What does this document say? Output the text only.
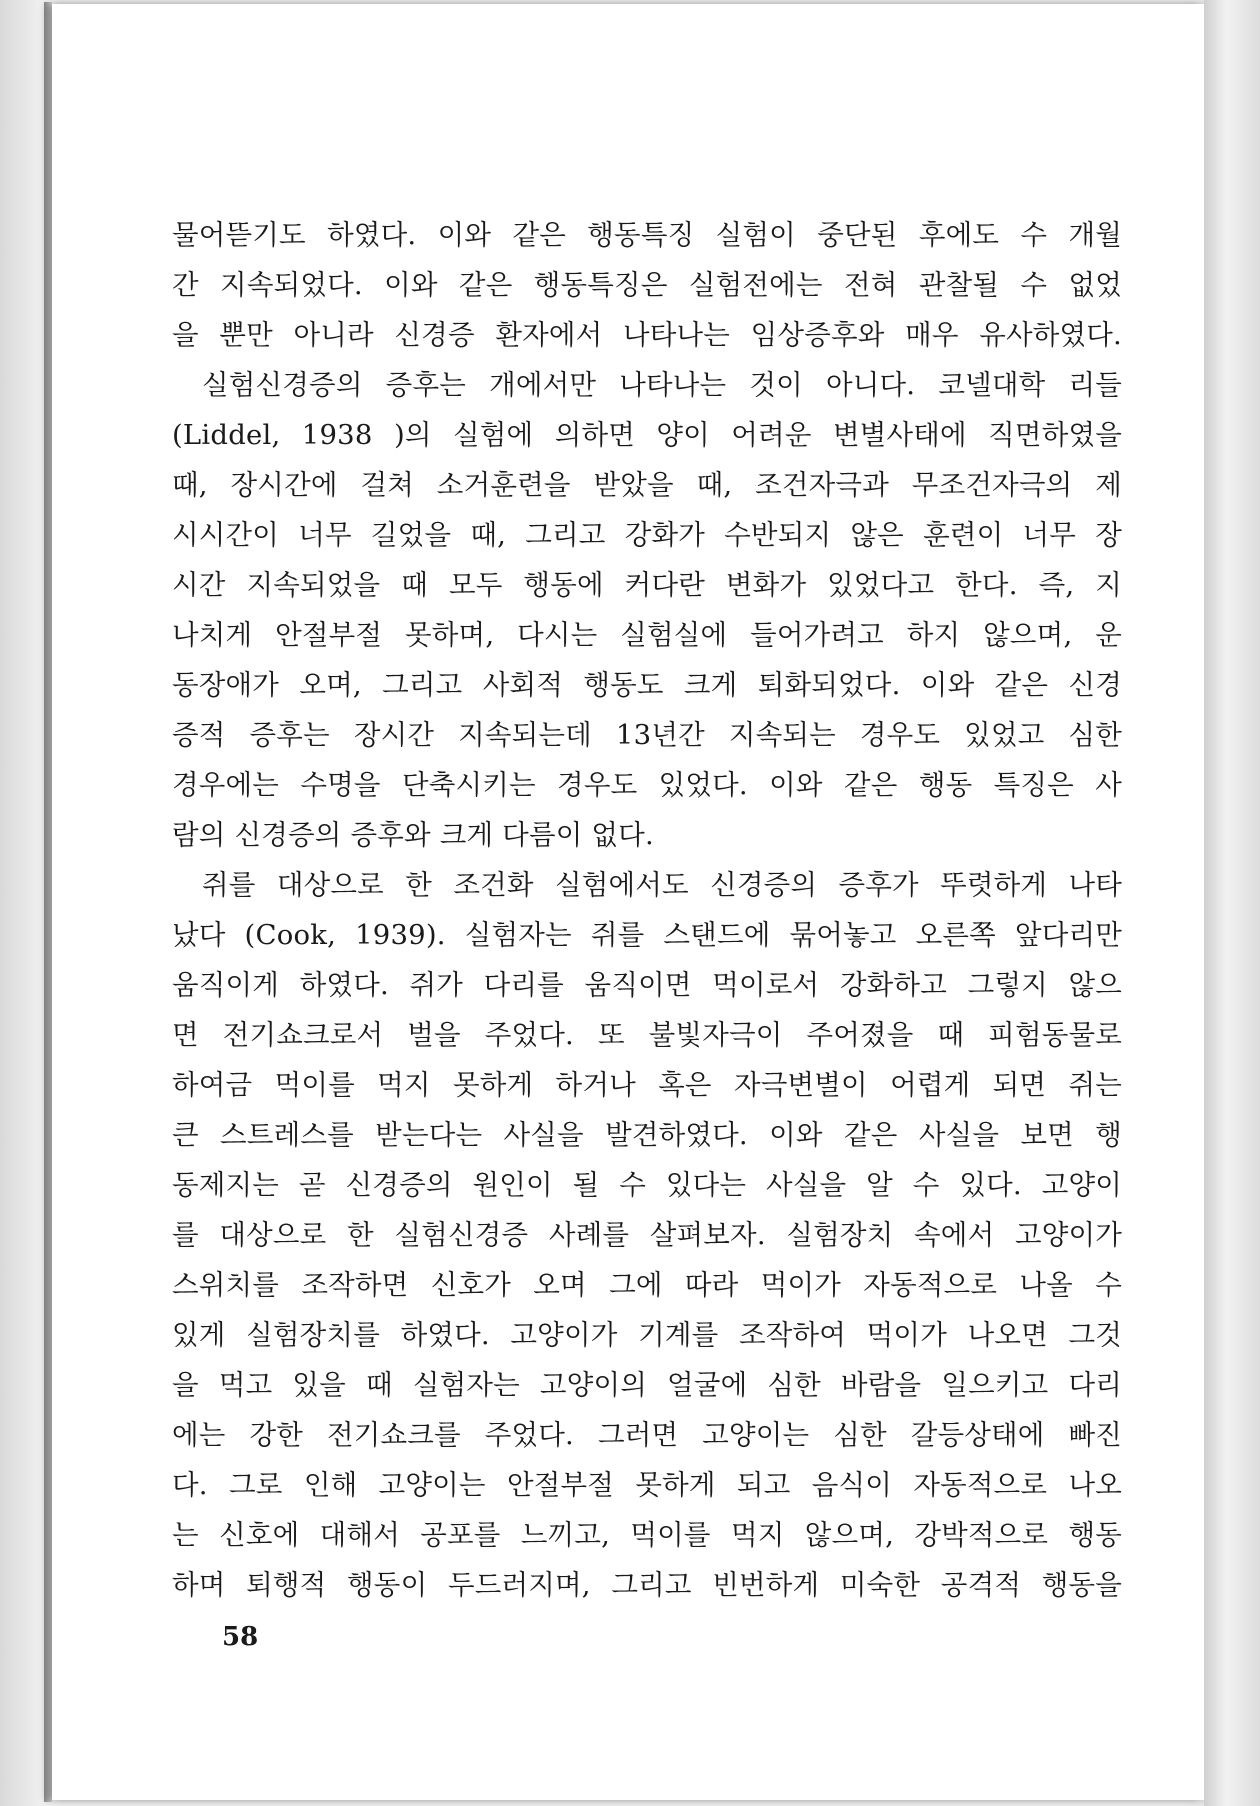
물어뜯기도 하였다. 이와 같은 행동특징 실험이 중단된 후에도 수 개월
간 지속되었다. 이와 같은 행동특징은 실험전에는 전혀 관찰될 수 없었
을 뿐만 아니라 신경증 환자에서 나타나는 임상증후와 매우 유사하였다.
실험신경증의 증후는 개에서만 나타나는 것이 아니다. 코넬대학 리들
(Liddel, 1938 )의 실험에 의하면 양이 어려운 변별사태에 직면하였을
때, 장시간에 걸쳐 소거훈련을 받았을 때, 조건자극과 무조건자극의 제
시시간이 너무 길었을 때, 그리고 강화가 수반되지 않은 훈련이 너무 장
시간 지속되었을 때 모두 행동에 커다란 변화가 있었다고 한다. 즉, 지
나치게 안절부절 못하며, 다시는 실험실에 들어가려고 하지 않으며, 운
동장애가 오며, 그리고 사회적 행동도 크게 퇴화되었다. 이와 같은 신경
증적 증후는 장시간 지속되는데 13년간 지속되는 경우도 있었고 심한
경우에는 수명을 단축시키는 경우도 있었다. 이와 같은 행동 특징은 사
람의 신경증의 증후와 크게 다름이 없다.
쥐를 대상으로 한 조건화 실험에서도 신경증의 증후가 뚜렷하게 나타
났다 (Cook, 1939). 실험자는 쥐를 스탠드에 묶어놓고 오른쪽 앞다리만
움직이게 하였다. 쥐가 다리를 움직이면 먹이로서 강화하고 그렇지 않으
면 전기쇼크로서 벌을 주었다. 또 불빛자극이 주어졌을 때 피험동물로
하여금 먹이를 먹지 못하게 하거나 혹은 자극변별이 어렵게 되면 쥐는
큰 스트레스를 받는다는 사실을 발견하였다. 이와 같은 사실을 보면 행
동제지는 곧 신경증의 원인이 될 수 있다는 사실을 알 수 있다. 고양이
를 대상으로 한 실험신경증 사례를 살펴보자. 실험장치 속에서 고양이가
스위치를 조작하면 신호가 오며 그에 따라 먹이가 자동적으로 나올 수
있게 실험장치를 하였다. 고양이가 기계를 조작하여 먹이가 나오면 그것
을 먹고 있을 때 실험자는 고양이의 얼굴에 심한 바람을 일으키고 다리
에는 강한 전기쇼크를 주었다. 그러면 고양이는 심한 갈등상태에 빠진
다. 그로 인해 고양이는 안절부절 못하게 되고 음식이 자동적으로 나오
는 신호에 대해서 공포를 느끼고, 먹이를 먹지 않으며, 강박적으로 행동
하며 퇴행적 행동이 두드러지며, 그리고 빈번하게 미숙한 공격적 행동을
58
